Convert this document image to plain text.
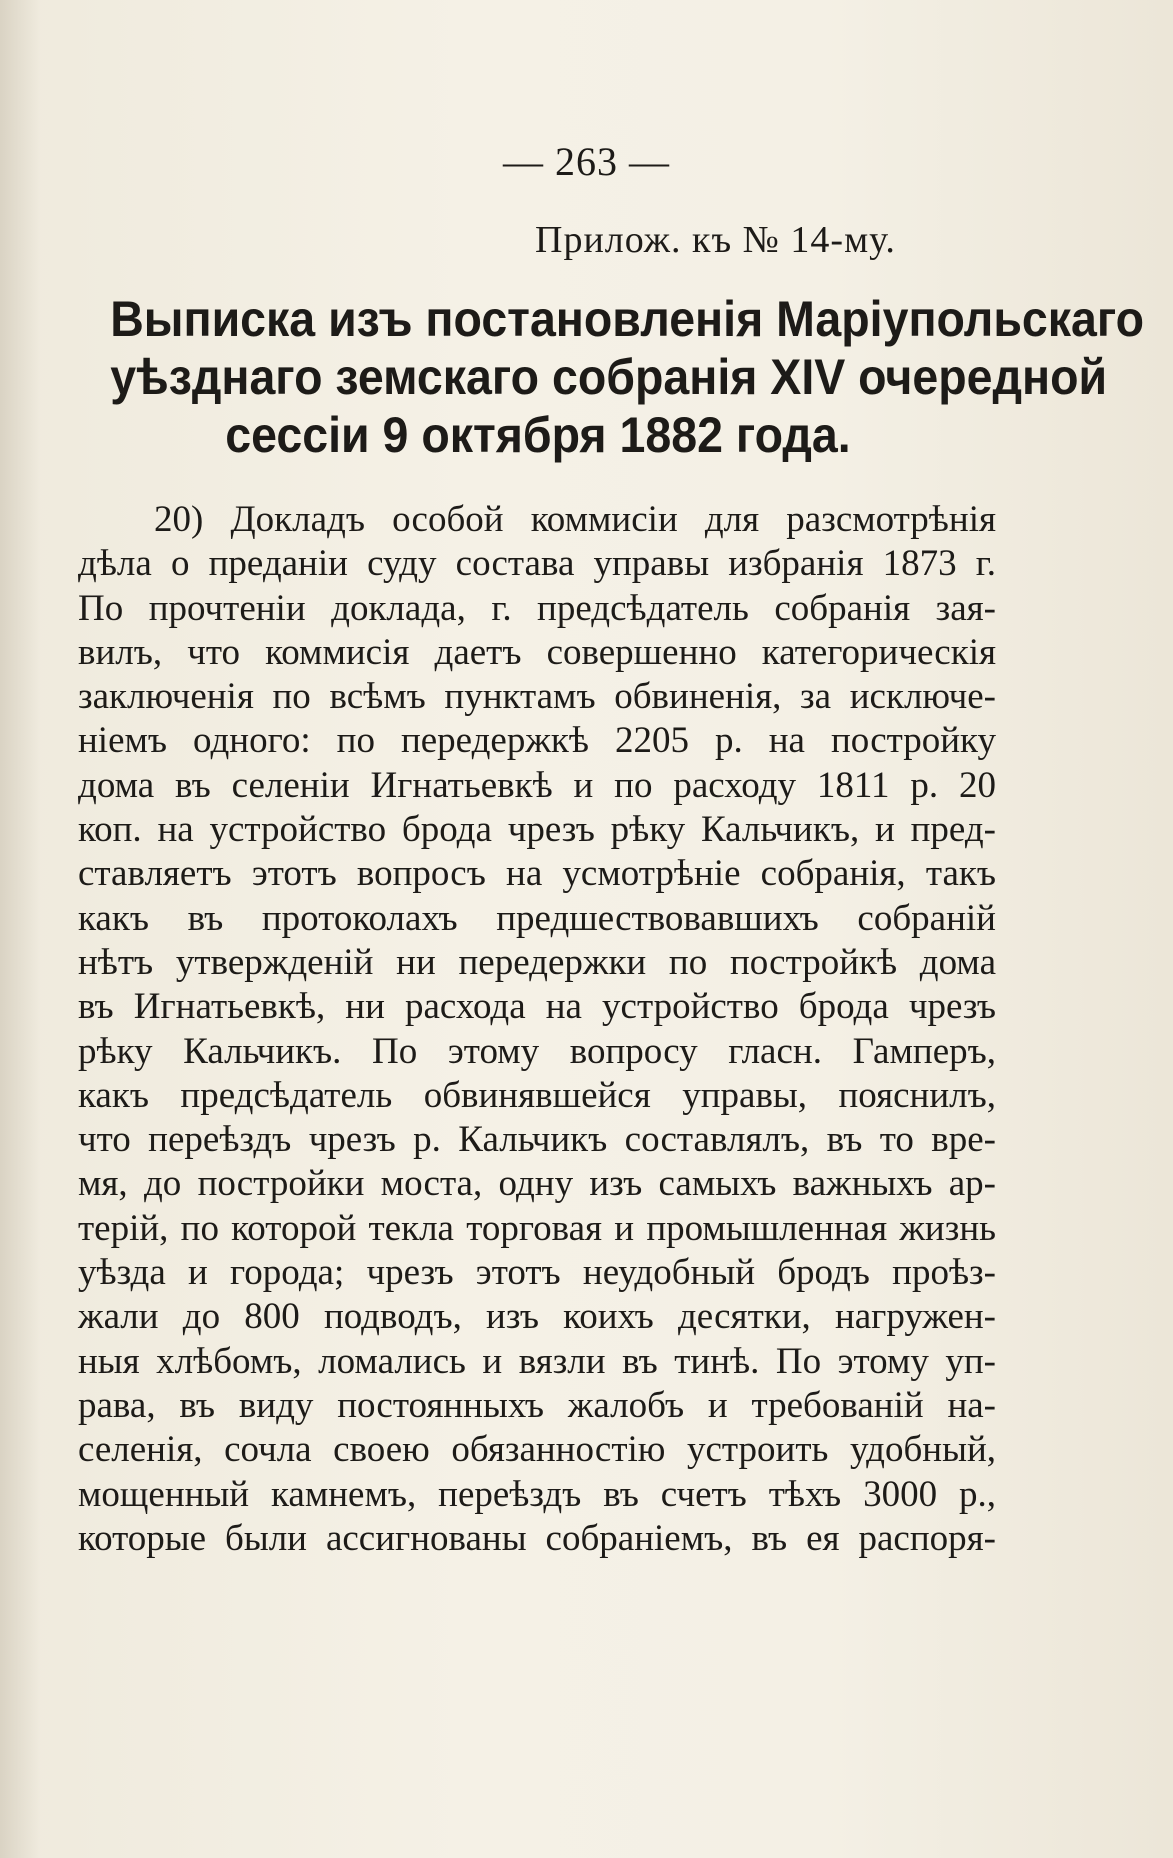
— 263 —
Прилож. къ № 14-му.
Выписка изъ постановленія Маріупольскаго
уѣзднаго земскаго собранія XIV очередной
сессіи 9 октября 1882 года.
20) Докладъ особой коммисіи для разсмотрѣнія
дѣла о преданіи суду состава управы избранія 1873 г.
По прочтеніи доклада, г. предсѣдатель собранія зая-
вилъ, что коммисія даетъ совершенно категорическія
заключенія по всѣмъ пунктамъ обвиненія, за исключе-
ніемъ одного: по передержкѣ 2205 р. на постройку
дома въ селеніи Игнатьевкѣ и по расходу 1811 р. 20
коп. на устройство брода чрезъ рѣку Кальчикъ, и пред-
ставляетъ этотъ вопросъ на усмотрѣніе собранія, такъ
какъ въ протоколахъ предшествовавшихъ собраній
нѣтъ утвержденій ни передержки по постройкѣ дома
въ Игнатьевкѣ, ни расхода на устройство брода чрезъ
рѣку Кальчикъ. По этому вопросу гласн. Гамперъ,
какъ предсѣдатель обвинявшейся управы, пояснилъ,
что переѣздъ чрезъ р. Кальчикъ составлялъ, въ то вре-
мя, до постройки моста, одну изъ самыхъ важныхъ ар-
терій, по которой текла торговая и промышленная жизнь
уѣзда и города; чрезъ этотъ неудобный бродъ проѣз-
жали до 800 подводъ, изъ коихъ десятки, нагружен-
ныя хлѣбомъ, ломались и вязли въ тинѣ. По этому уп-
рава, въ виду постоянныхъ жалобъ и требованій на-
селенія, сочла своею обязанностію устроить удобный,
мощенный камнемъ, переѣздъ въ счетъ тѣхъ 3000 р.,
которые были ассигнованы собраніемъ, въ ея распоря-
